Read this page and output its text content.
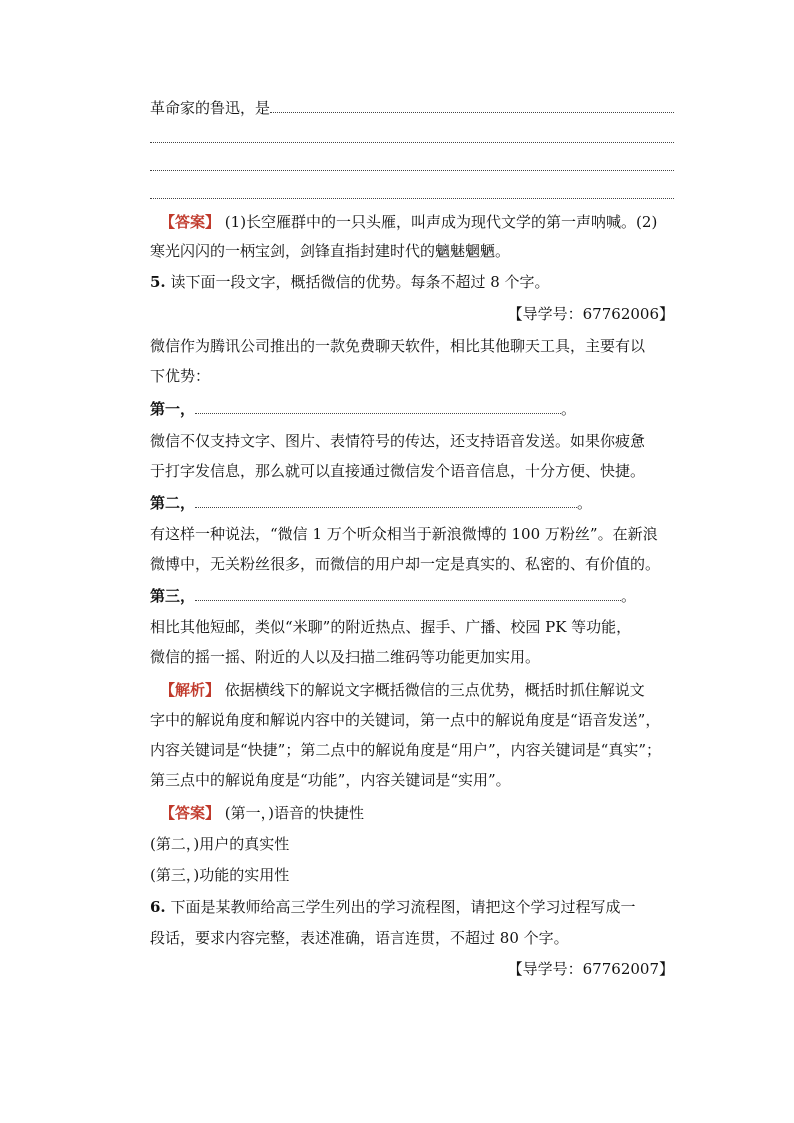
革命家的鲁迅，是
【答案】 (1)长空雁群中的一只头雁，叫声成为现代文学的第一声呐喊。(2)
寒光闪闪的一柄宝剑，剑锋直指封建时代的魑魅魍魉。
5. 读下面一段文字，概括微信的优势。每条不超过 8 个字。
【导学号：67762006】
微信作为腾讯公司推出的一款免费聊天软件，相比其他聊天工具，主要有以
下优势：
第一，	。
微信不仅支持文字、图片、表情符号的传达，还支持语音发送。如果你疲惫
于打字发信息，那么就可以直接通过微信发个语音信息，十分方便、快捷。
第二，	。
有这样一种说法，“微信 1 万个听众相当于新浪微博的 100 万粉丝”。在新浪
微博中，无关粉丝很多，而微信的用户却一定是真实的、私密的、有价值的。
第三，	。
相比其他短邮，类似“米聊”的附近热点、握手、广播、校园 PK 等功能，
微信的摇一摇、附近的人以及扫描二维码等功能更加实用。
【解析】 依据横线下的解说文字概括微信的三点优势，概括时抓住解说文
字中的解说角度和解说内容中的关键词，第一点中的解说角度是“语音发送”，
内容关键词是“快捷”；第二点中的解说角度是“用户”，内容关键词是“真实”；
第三点中的解说角度是“功能”，内容关键词是“实用”。
【答案】 (第一，)语音的快捷性
(第二，)用户的真实性
(第三，)功能的实用性
6. 下面是某教师给高三学生列出的学习流程图，请把这个学习过程写成一
段话，要求内容完整，表述准确，语言连贯，不超过 80 个字。
【导学号：67762007】
